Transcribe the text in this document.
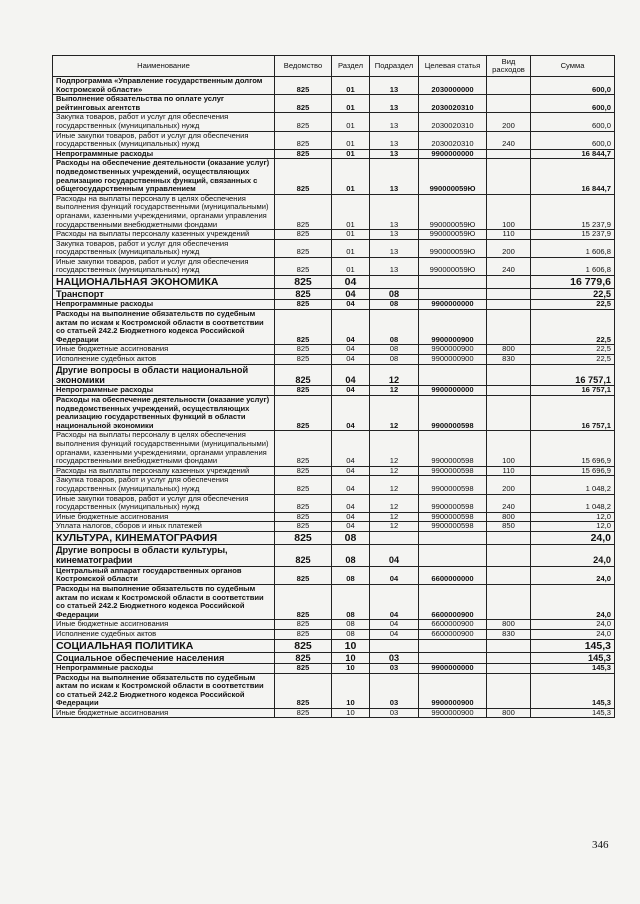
Наименование	Ведомство	Раздел	Подраздел	Целевая статья	Вид расходов	Сумма
Подпрограмма «Управление государственным долгом Костромской области»	825	01	13	2030000000		600,0
Выполнение обязательства по оплате услуг рейтинговых агентств	825	01	13	2030020310		600,0
Закупка товаров, работ и услуг для обеспечения государственных (муниципальных) нужд	825	01	13	2030020310	200	600,0
Иные закупки товаров, работ и услуг для обеспечения государственных (муниципальных) нужд	825	01	13	2030020310	240	600,0
Непрограммные расходы	825	01	13	9900000000		16 844,7
Расходы на обеспечение деятельности (оказание услуг) подведомственных учреждений, осуществляющих реализацию государственных функций, связанных с общегосударственным управлением	825	01	13	990000059Ю		16 844,7
Расходы на выплаты персоналу в целях обеспечения выполнения функций государственными (муниципальными) органами, казенными учреждениями, органами управления государственными внебюджетными фондами	825	01	13	990000059Ю	100	15 237,9
Расходы на выплаты персоналу казенных учреждений	825	01	13	990000059Ю	110	15 237,9
Закупка товаров, работ и услуг для обеспечения государственных (муниципальных) нужд	825	01	13	990000059Ю	200	1 606,8
Иные закупки товаров, работ и услуг для обеспечения государственных (муниципальных) нужд	825	01	13	990000059Ю	240	1 606,8
НАЦИОНАЛЬНАЯ ЭКОНОМИКА	825	04				16 779,6
Транспорт	825	04	08			22,5
Непрограммные расходы	825	04	08	9900000000		22,5
Расходы на выполнение обязательств по судебным актам по искам к Костромской области в соответствии со статьей 242.2 Бюджетного кодекса Российской Федерации	825	04	08	9900000900		22,5
Иные бюджетные ассигнования	825	04	08	9900000900	800	22,5
Исполнение судебных актов	825	04	08	9900000900	830	22,5
Другие вопросы в области национальной экономики	825	04	12			16 757,1
Непрограммные расходы	825	04	12	9900000000		16 757,1
Расходы на обеспечение деятельности (оказание услуг) подведомственных учреждений, осуществляющих реализацию государственных функций в области национальной экономики	825	04	12	9900000598		16 757,1
Расходы на выплаты персоналу в целях обеспечения выполнения функций государственными (муниципальными) органами, казенными учреждениями, органами управления государственными внебюджетными фондами	825	04	12	9900000598	100	15 696,9
Расходы на выплаты персоналу казенных учреждений	825	04	12	9900000598	110	15 696,9
Закупка товаров, работ и услуг для обеспечения государственных (муниципальных) нужд	825	04	12	9900000598	200	1 048,2
Иные закупки товаров, работ и услуг для обеспечения государственных (муниципальных) нужд	825	04	12	9900000598	240	1 048,2
Иные бюджетные ассигнования	825	04	12	9900000598	800	12,0
Уплата налогов, сборов и иных платежей	825	04	12	9900000598	850	12,0
КУЛЬТУРА, КИНЕМАТОГРАФИЯ	825	08				24,0
Другие вопросы в области культуры, кинематографии	825	08	04			24,0
Центральный аппарат государственных органов Костромской области	825	08	04	6600000000		24,0
Расходы на выполнение обязательств по судебным актам по искам к Костромской области в соответствии со статьей 242.2 Бюджетного кодекса Российской Федерации	825	08	04	6600000900		24,0
Иные бюджетные ассигнования	825	08	04	6600000900	800	24,0
Исполнение судебных актов	825	08	04	6600000900	830	24,0
СОЦИАЛЬНАЯ ПОЛИТИКА	825	10				145,3
Социальное обеспечение населения	825	10	03			145,3
Непрограммные расходы	825	10	03	9900000000		145,3
Расходы на выполнение обязательств по судебным актам по искам к Костромской области в соответствии со статьей 242.2 Бюджетного кодекса Российской Федерации	825	10	03	9900000900		145,3
Иные бюджетные ассигнования	825	10	03	9900000900	800	145,3
346
